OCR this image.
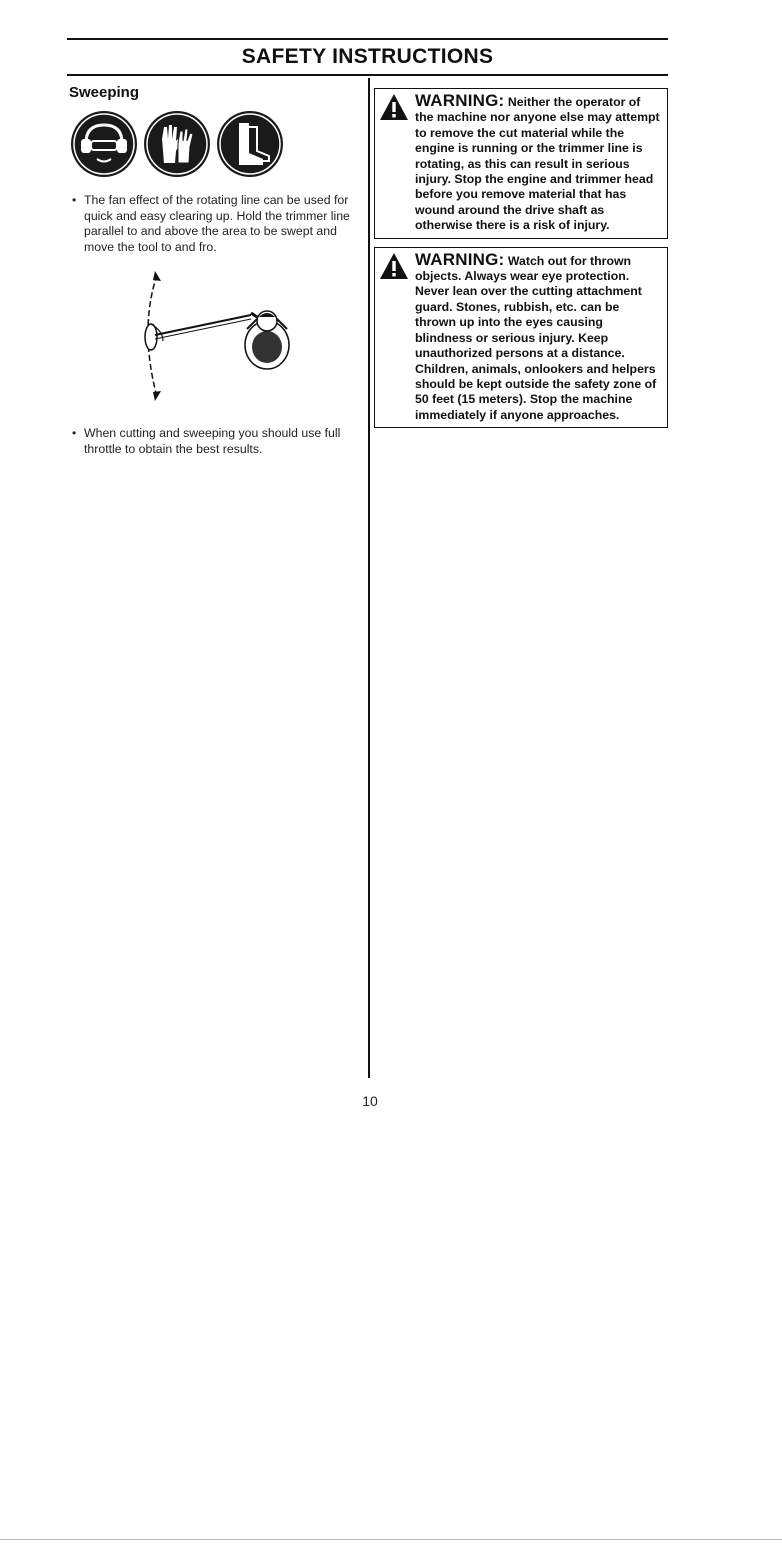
SAFETY INSTRUCTIONS
Sweeping
• The fan effect of the rotating line can be used for quick and easy clearing up. Hold the trimmer line parallel to and above the area to be swept and move the tool to and fro.
• When cutting and sweeping you should use full throttle to obtain the best results.
WARNING: Neither the operator of the machine nor anyone else may attempt to remove the cut material while the engine is running or the trimmer line is rotating, as this can result in serious injury. Stop the engine and trimmer head before you remove material that has wound around the drive shaft as otherwise there is a risk of injury.
WARNING: Watch out for thrown objects. Always wear eye protection. Never lean over the cutting attachment guard. Stones, rubbish, etc. can be thrown up into the eyes causing blindness or serious injury. Keep unauthorized persons at a distance. Children, animals, onlookers and helpers should be kept outside the safety zone of 50 feet (15 meters). Stop the machine immediately if anyone approaches.
10
